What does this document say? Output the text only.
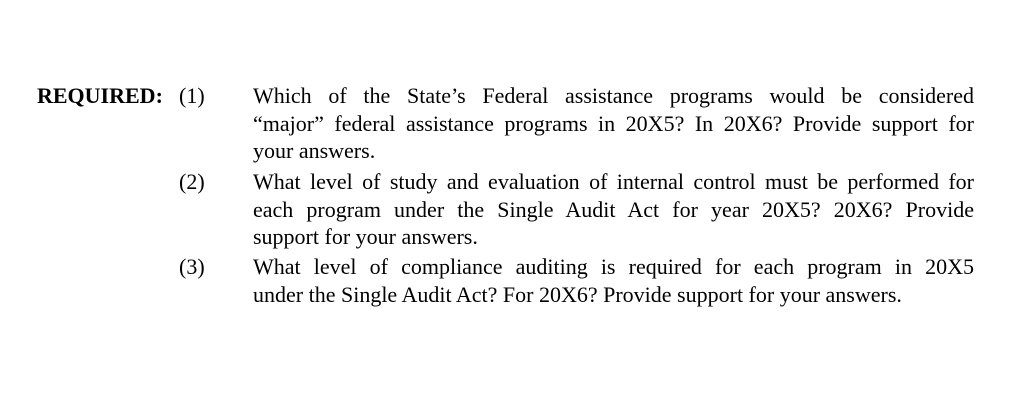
REQUIRED: (1) Which of the State’s Federal assistance programs would be considered
“major” federal assistance programs in 20X5? In 20X6? Provide support for
your answers.
(2) What level of study and evaluation of internal control must be performed for
each program under the Single Audit Act for year 20X5? 20X6? Provide
support for your answers.
(3) What level of compliance auditing is required for each program in 20X5
under the Single Audit Act? For 20X6? Provide support for your answers.
